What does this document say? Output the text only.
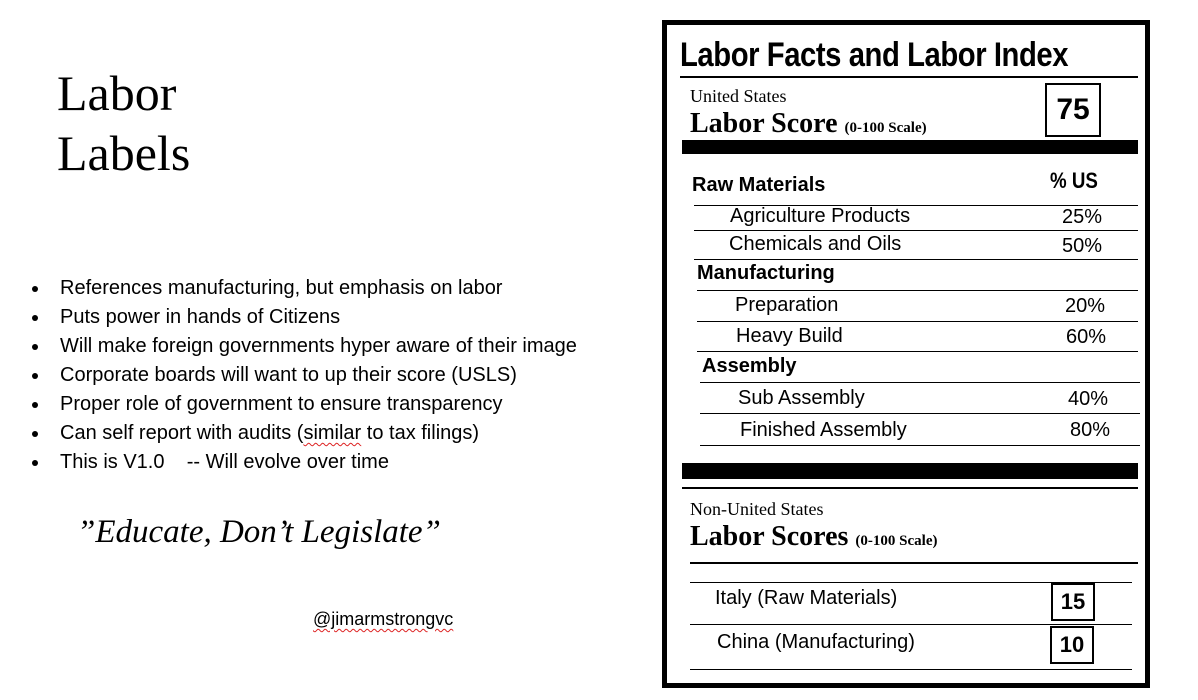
Labor
Labels
References manufacturing, but emphasis on labor
Puts power in hands of Citizens
Will make foreign governments hyper aware of their image
Corporate boards will want to up their score (USLS)
Proper role of government to ensure transparency
Can self report with audits (similar to tax filings)
This is V1.0    -- Will evolve over time
”Educate, Don’t Legislate”
@jimarmstrongvc
Labor Facts and Labor Index
United States
Labor Score (0-100 Scale)
75
Raw Materials	% US
Agriculture Products	25%
Chemicals and Oils	50%
Manufacturing
Preparation	20%
Heavy Build	60%
Assembly
Sub Assembly	40%
Finished Assembly	80%
Non-United States
Labor Scores (0-100 Scale)
Italy (Raw Materials)	15
China (Manufacturing)	10
